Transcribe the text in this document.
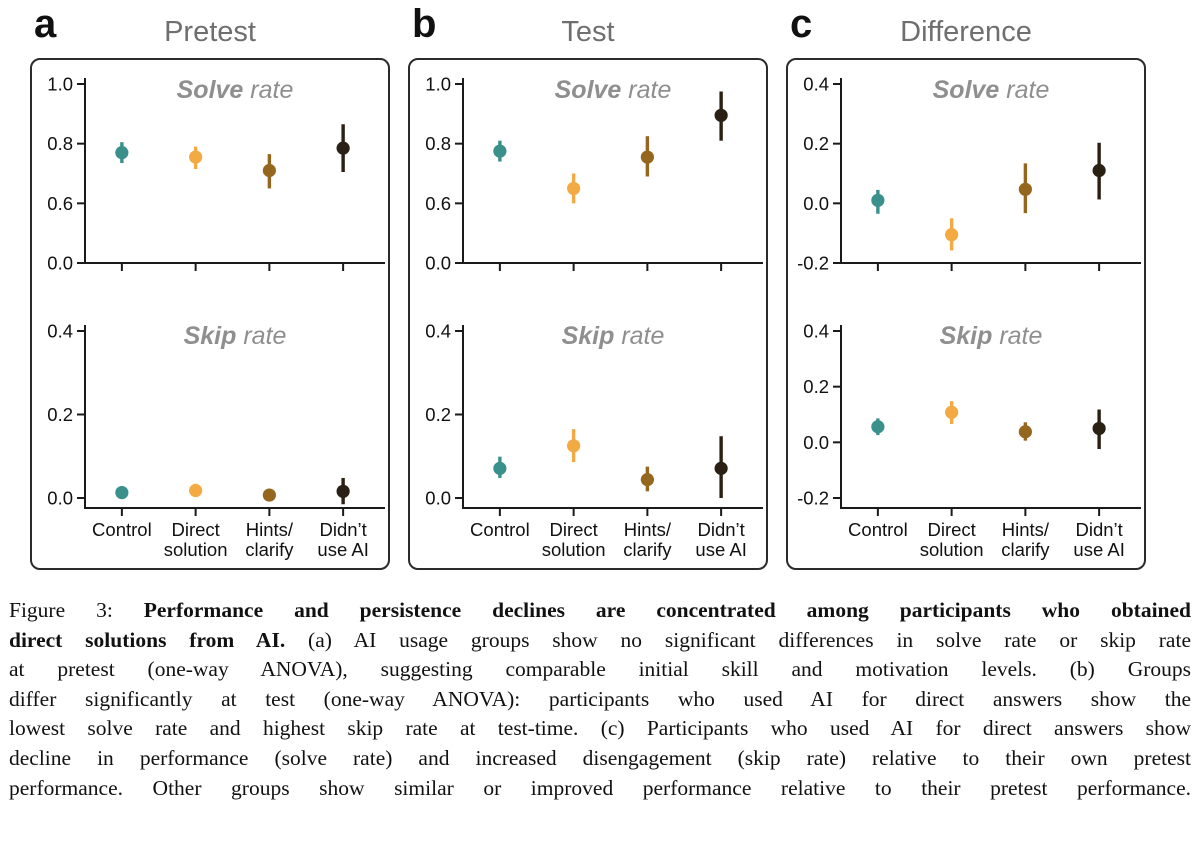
a	Pretest
1.0
0.8
0.6
0.0
Solve rate
0.4
0.2
0.0
Skip rate
Control Direct
solution
Hints/
clarify
Didn’t
use AI
b	Test
1.0
0.8
0.6
0.0
Solve rate
0.4
0.2
0.0
Skip rate
Control Direct
solution
Hints/
clarify
Didn’t
use AI
c	Difference
0.4
0.2
0.0
-0.2
Solve rate
0.4
0.2
0.0
-0.2
Skip rate
Control Direct
solution
Hints/
clarify
Didn’t
use AI
Figure 3: Performance and persistence declines are concentrated among participants who obtained
direct solutions from AI. (a) AI usage groups show no significant differences in solve rate or skip rate
at pretest (one-way ANOVA), suggesting comparable initial skill and motivation levels. (b) Groups
differ significantly at test (one-way ANOVA): participants who used AI for direct answers show the
lowest solve rate and highest skip rate at test-time. (c) Participants who used AI for direct answers show
decline in performance (solve rate) and increased disengagement (skip rate) relative to their own pretest
performance. Other groups show similar or improved performance relative to their pretest performance.
